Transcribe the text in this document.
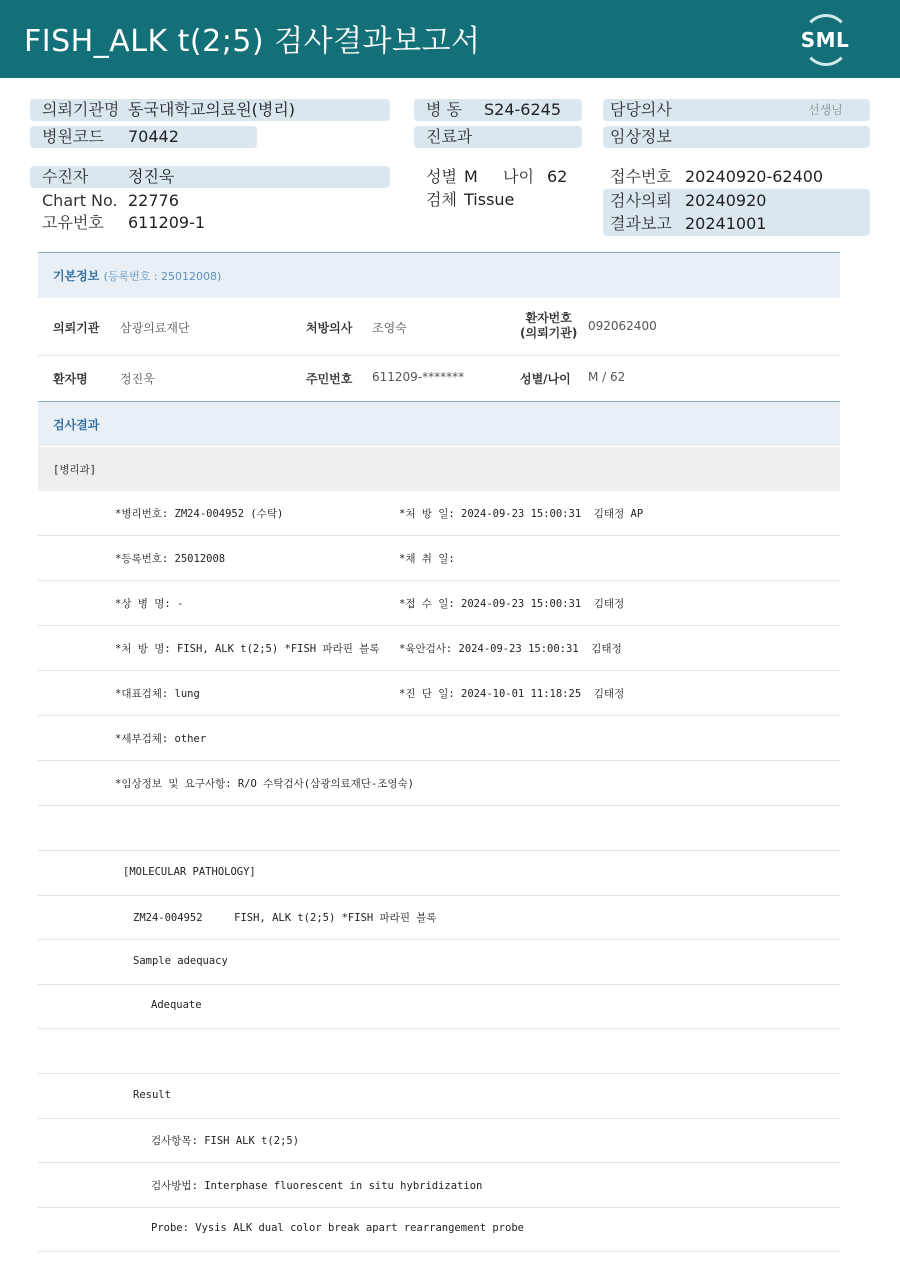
FISH_ALK t(2;5) 검사결과보고서	SML
의뢰기관명 동국대학교의료원(병리)
병원코드 70442
병 동 S24-6245
진료과
담당의사	선생님
임상정보
수진자 정진욱
Chart No. 22776
고유번호 611209-1
성별 M 나이 62
검체 Tissue
접수번호 20240920-62400
검사의뢰 20240920
결과보고 20241001
기본정보 (등록번호 : 25012008)
의뢰기관 삼광의료재단	처방의사 조영숙
환자번호
(의뢰기관) 092062400
환자명	정진욱	주민번호 611209-*******	성별/나이 M / 62
검사결과
[병리과]
*병리번호: ZM24-004952 (수탁)	*처 방 일: 2024-09-23 15:00:31  김태정 AP
*등록번호: 25012008	*채 취 일:
*상 병 명: -	*접 수 일: 2024-09-23 15:00:31  김태정
*처 방 명: FISH, ALK t(2;5) *FISH 파라핀 블록 *육안검사: 2024-09-23 15:00:31  김태정
*대표검체: lung	*진 단 일: 2024-10-01 11:18:25  김태정
*세부검체: other
*임상정보 및 요구사항: R/O 수탁검사(삼광의료재단-조영숙)
[MOLECULAR PATHOLOGY]
ZM24-004952     FISH, ALK t(2;5) *FISH 파라핀 블록
Sample adequacy
Adequate
Result
검사항목: FISH ALK t(2;5)
검사방법: Interphase fluorescent in situ hybridization
Probe: Vysis ALK dual color break apart rearrangement probe
